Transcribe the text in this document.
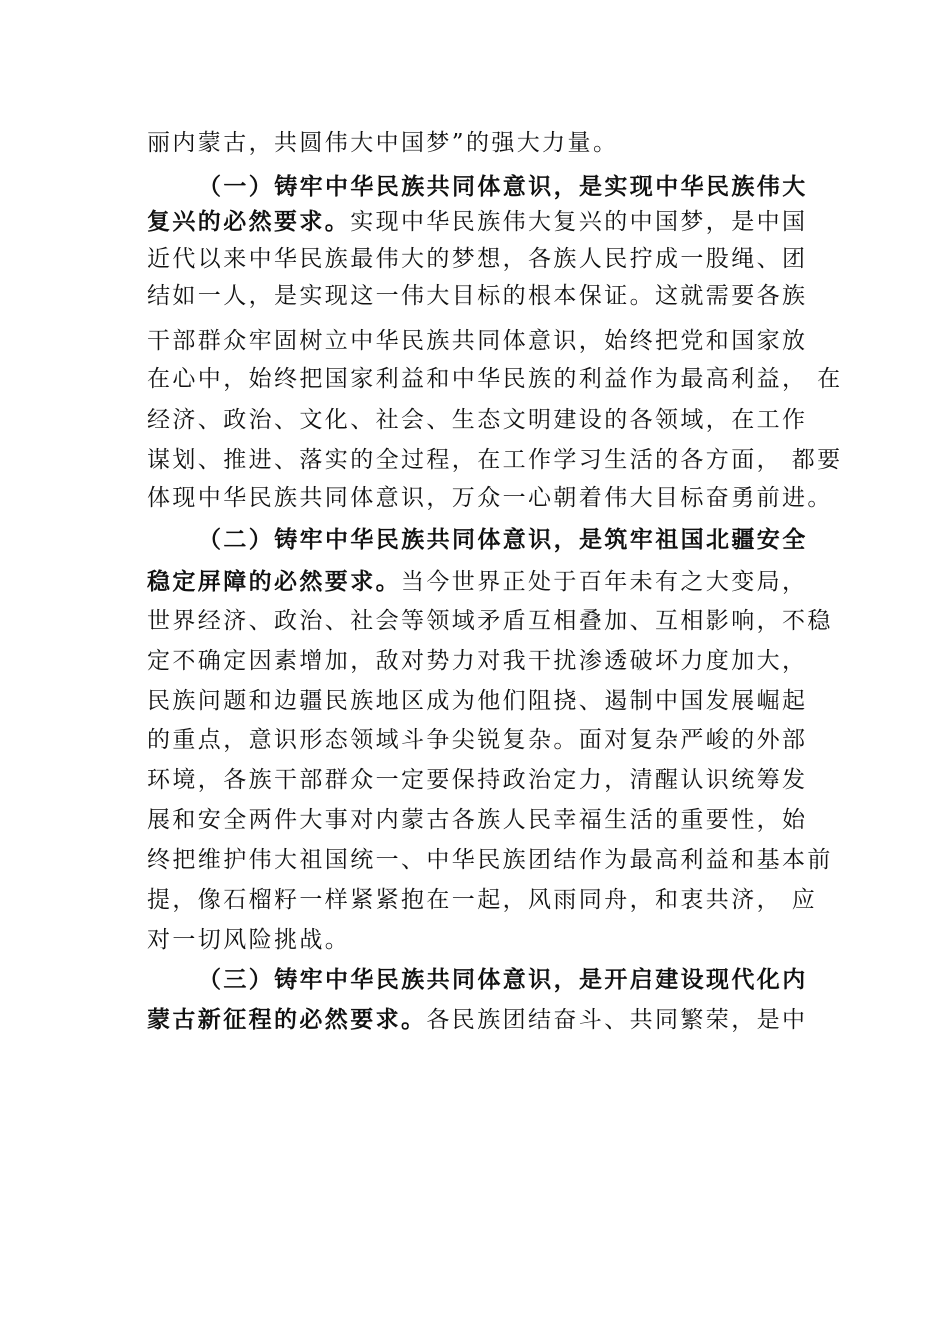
丽内蒙古，共圆伟大中国梦”的强大力量。

（一）铸牢中华民族共同体意识，是实现中华民族伟大

复兴的必然要求。实现中华民族伟大复兴的中国梦，是中国

近代以来中华民族最伟大的梦想，各族人民拧成一股绳、团

结如一人，是实现这一伟大目标的根本保证。这就需要各族

干部群众牢固树立中华民族共同体意识，始终把党和国家放

在心中，始终把国家利益和中华民族的利益作为最高利益， 在

经济、政治、文化、社会、生态文明建设的各领域，在工作

谋划、推进、落实的全过程，在工作学习生活的各方面， 都要

体现中华民族共同体意识，万众一心朝着伟大目标奋勇前进。

（二）铸牢中华民族共同体意识，是筑牢祖国北疆安全

稳定屏障的必然要求。当今世界正处于百年未有之大变局，

世界经济、政治、社会等领域矛盾互相叠加、互相影响，不稳

定不确定因素增加，敌对势力对我干扰渗透破坏力度加大，

民族问题和边疆民族地区成为他们阻挠、遏制中国发展崛起

的重点，意识形态领域斗争尖锐复杂。面对复杂严峻的外部

环境，各族干部群众一定要保持政治定力，清醒认识统筹发

展和安全两件大事对内蒙古各族人民幸福生活的重要性，始

终把维护伟大祖国统一、中华民族团结作为最高利益和基本前

提，像石榴籽一样紧紧抱在一起，风雨同舟，和衷共济， 应

对一切风险挑战。

（三）铸牢中华民族共同体意识，是开启建设现代化内

蒙古新征程的必然要求。各民族团结奋斗、共同繁荣，是中
